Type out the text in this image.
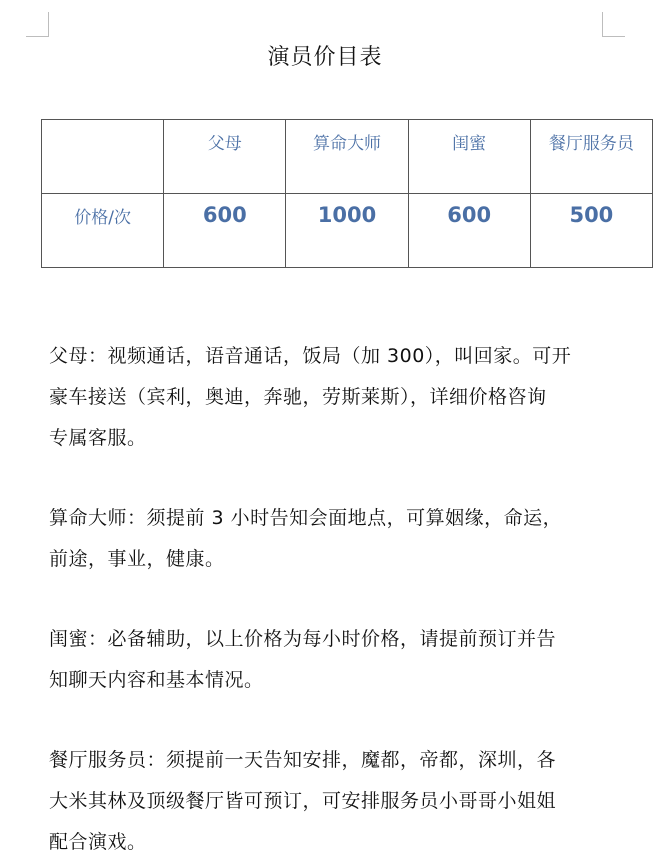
演员价目表
	父母	算命大师	闺蜜	餐厅服务员
价格/次	600	1000	600	500
父母：视频通话，语音通话，饭局（加 300），叫回家。可开
豪车接送（宾利，奥迪，奔驰，劳斯莱斯），详细价格咨询
专属客服。
算命大师：须提前 3 小时告知会面地点，可算姻缘，命运，
前途，事业，健康。
闺蜜：必备辅助，以上价格为每小时价格，请提前预订并告
知聊天内容和基本情况。
餐厅服务员：须提前一天告知安排，魔都，帝都，深圳，各
大米其林及顶级餐厅皆可预订，可安排服务员小哥哥小姐姐
配合演戏。
